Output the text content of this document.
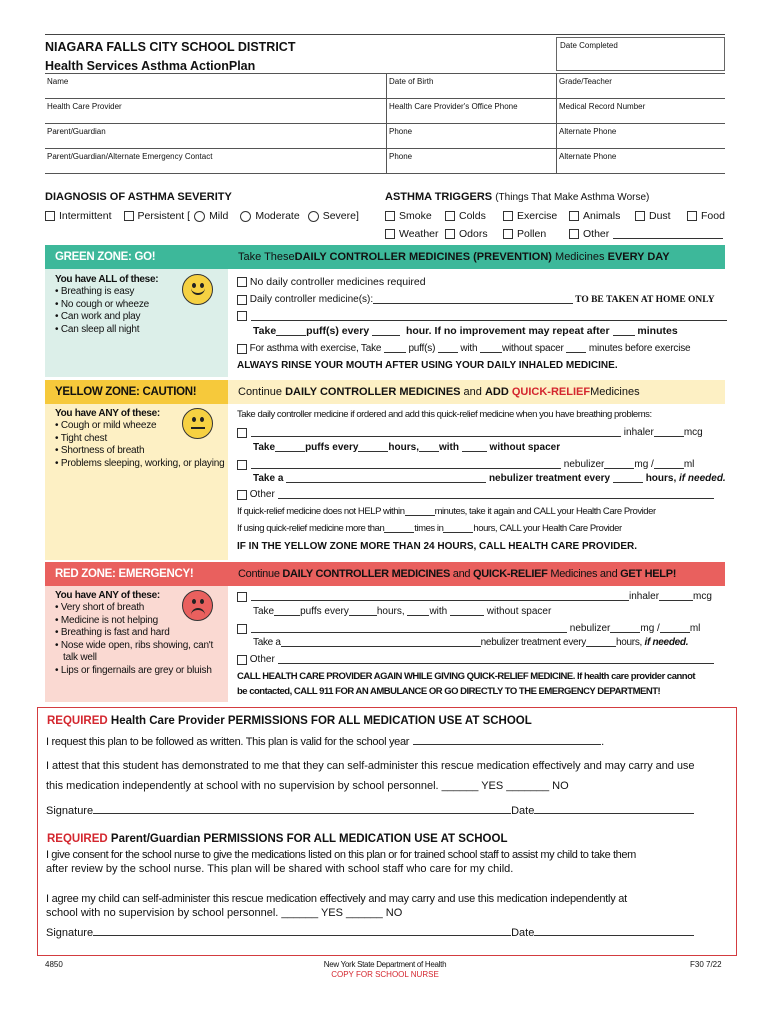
NIAGARA FALLS CITY SCHOOL DISTRICT
Health Services Asthma ActionPlan
Date Completed
Name	Date of Birth	Grade/Teacher
Health Care Provider	Health Care Provider's Office Phone	Medical Record Number
Parent/Guardian	Phone	Alternate Phone
Parent/Guardian/Alternate Emergency Contact	Phone	Alternate Phone
DIAGNOSIS OF ASTHMA SEVERITY
Intermittent Persistent [ Mild	Moderate Severe]
ASTHMA TRIGGERS (Things That Make Asthma Worse)
Smoke	Colds	Exercise	Animals	Dust	Food
Weather Odors	Pollen	Other
GREEN ZONE: GO!	Take These DAILY CONTROLLER MEDICINES (PREVENTION) Medicines EVERY DAY
You have ALL of these:
• Breathing is easy
• No cough or wheeze
• Can work and play
• Can sleep all night

No daily controller medicines required

Daily controller medicine(s):	TO BE TAKEN AT HOME ONLY
Take	puff(s) every

	hour. If no improvement may repeat after

	minutes

For asthma with exercise, Take

	puff(s)

	with
without spacer

	minutes before exercise
ALWAYS RINSE YOUR MOUTH AFTER USING YOUR DAILY INHALED MEDICINE.
YELLOW ZONE: CAUTION!	Continue DAILY CONTROLLER MEDICINES and ADD QUICK-RELIEF Medicines
You have ANY of these:
• Cough or mild wheeze
• Tight chest
• Shortness of breath
• Problems sleeping, working, or playing
Take daily controller medicine if ordered and add this quick-relief medicine when you have breathing problems:

inhaler	mcg
Take	puffs every	hours, with

	without spacer

nebulizer	mg /	ml
Take a

	nebulizer treatment every

	hours,
if needed.

Other

If quick-relief medicine does not HELP within	minutes, take it again and CALL your Health Care Provider
If using quick-relief medicine more than	times in	hours, CALL your Health Care Provider
IF IN THE YELLOW ZONE MORE THAN 24 HOURS, CALL HEALTH CARE PROVIDER.
RED ZONE: EMERGENCY!	Continue DAILY CONTROLLER MEDICINES and QUICK-RELIEF Medicines and GET HELP!
You have ANY of these:
• Very short of breath
• Medicine is not helping
• Breathing is fast and hard
• Nose wide open, ribs showing, can't talk well
• Lips or fingernails are grey or bluish
inhaler	mcg
Take	puffs every	hours,
with

	without spacer

nebulizer	mg /	ml
Take a	nebulizer treatment every	hours,
if needed.

Other

CALL HEALTH CARE PROVIDER AGAIN WHILE GIVING QUICK-RELIEF MEDICINE. If health care provider cannot
be contacted, CALL 911 FOR AN AMBULANCE OR GO DIRECTLY TO THE EMERGENCY DEPARTMENT!
REQUIRED Health Care Provider PERMISSIONS FOR ALL MEDICATION USE AT SCHOOL
I request this plan to be followed as written. This plan is valid for the school year	.
I attest that this student has demonstrated to me that they can self-administer this rescue medication effectively and may carry and use
this medication independently at school with no supervision by school personnel. ______ YES _______ NO
Signature	Date
REQUIRED Parent/Guardian PERMISSIONS FOR ALL MEDICATION USE AT SCHOOL
I give consent for the school nurse to give the medications listed on this plan or for trained school staff to assist my child to take them
after review by the school nurse. This plan will be shared with school staff who care for my child.
I agree my child can self-administer this rescue medication effectively and may carry and use this medication independently at
school with no supervision by school personnel. ______ YES ______ NO
Signature	Date
4850	New York State Department of Health
COPY FOR SCHOOL NURSE
F30 7/22
